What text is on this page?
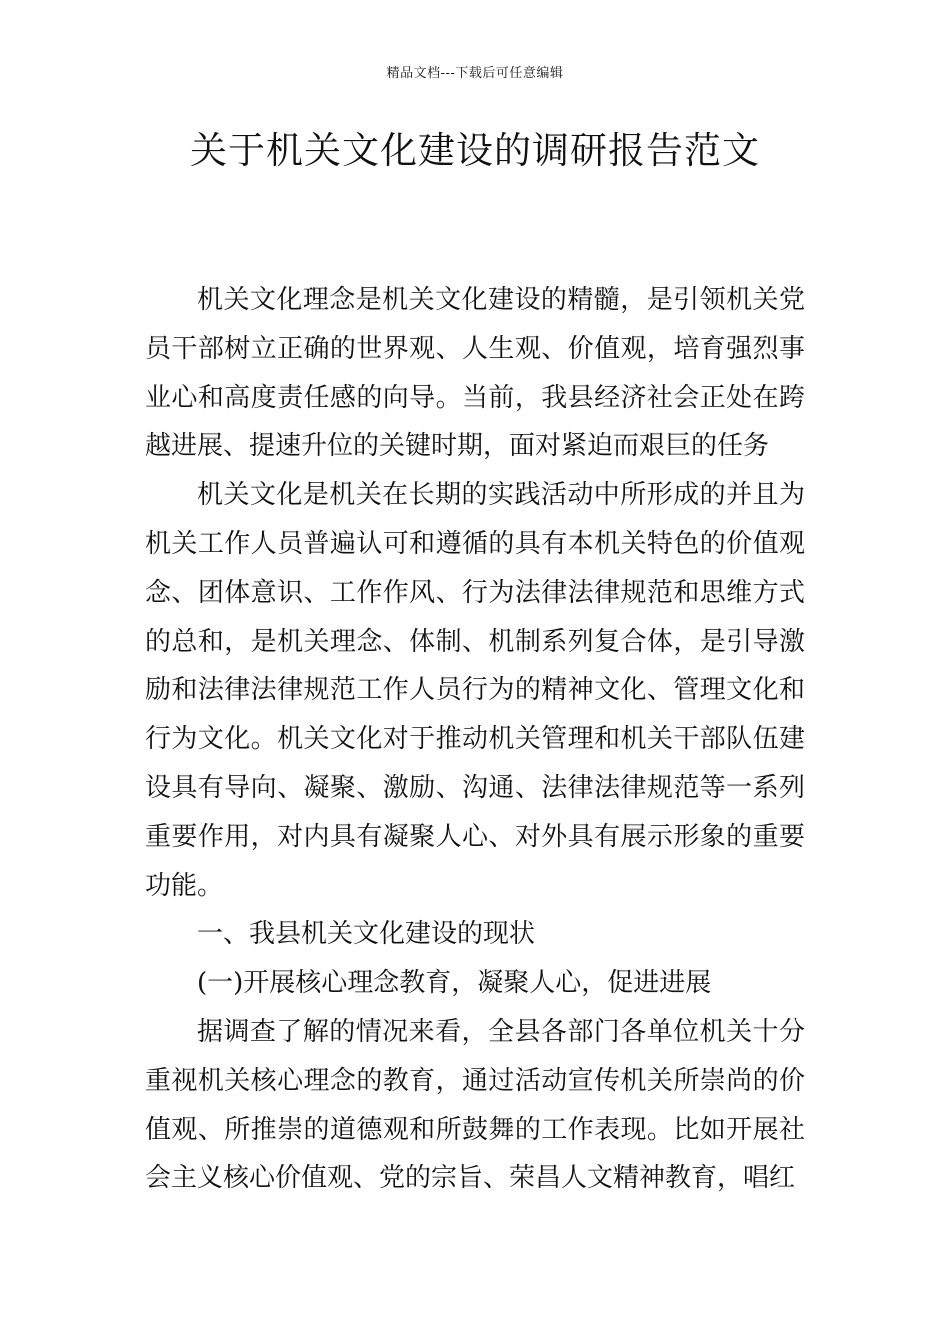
精品文档---下载后可任意编辑
关于机关文化建设的调研报告范文

机关文化理念是机关文化建设的精髓，是引领机关党员干部树立正确的世界观、人生观、价值观，培育强烈事业心和高度责任感的向导。当前，我县经济社会正处在跨越进展、提速升位的关键时期，面对紧迫而艰巨的任务

机关文化是机关在长期的实践活动中所形成的并且为机关工作人员普遍认可和遵循的具有本机关特色的价值观念、团体意识、工作作风、行为法律法律规范和思维方式的总和，是机关理念、体制、机制系列复合体，是引导激励和法律法律规范工作人员行为的精神文化、管理文化和行为文化。机关文化对于推动机关管理和机关干部队伍建设具有导向、凝聚、激励、沟通、法律法律规范等一系列重要作用，对内具有凝聚人心、对外具有展示形象的重要功能。

一、我县机关文化建设的现状

(一)开展核心理念教育，凝聚人心，促进进展

据调查了解的情况来看，全县各部门各单位机关十分重视机关核心理念的教育，通过活动宣传机关所崇尚的价值观、所推崇的道德观和所鼓舞的工作表现。比如开展社会主义核心价值观、党的宗旨、荣昌人文精神教育，唱红
